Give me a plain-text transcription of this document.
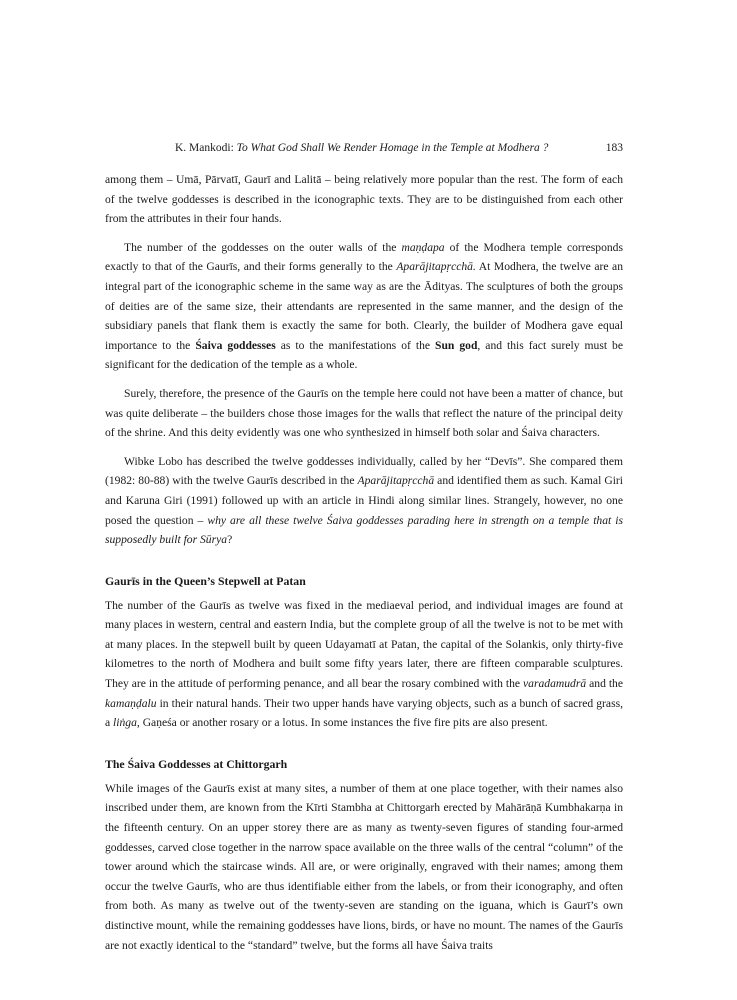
K. Mankodi: To What God Shall We Render Homage in the Temple at Modhera ?	183

among them – Umā, Pārvatī, Gaurī and Lalitā – being relatively more popular than the rest. The form of each of the twelve goddesses is described in the iconographic texts. They are to be distinguished from each other from the attributes in their four hands.

The number of the goddesses on the outer walls of the maṇḍapa of the Modhera temple corresponds exactly to that of the Gaurīs, and their forms generally to the Aparājitapṛcchā. At Modhera, the twelve are an integral part of the iconographic scheme in the same way as are the Ādityas. The sculptures of both the groups of deities are of the same size, their attendants are represented in the same manner, and the design of the subsidiary panels that flank them is exactly the same for both. Clearly, the builder of Modhera gave equal importance to the Śaiva goddesses as to the manifestations of the Sun god, and this fact surely must be significant for the dedication of the temple as a whole.

Surely, therefore, the presence of the Gaurīs on the temple here could not have been a matter of chance, but was quite deliberate – the builders chose those images for the walls that reflect the nature of the principal deity of the shrine. And this deity evidently was one who synthesized in himself both solar and Śaiva characters.

Wibke Lobo has described the twelve goddesses individually, called by her “Devīs”. She compared them (1982: 80-88) with the twelve Gaurīs described in the Aparājitapṛcchā and identified them as such. Kamal Giri and Karuna Giri (1991) followed up with an article in Hindi along similar lines. Strangely, however, no one posed the question – why are all these twelve Śaiva goddesses parading here in strength on a temple that is supposedly built for Sūrya?

Gaurīs in the Queen’s Stepwell at Patan

The number of the Gaurīs as twelve was fixed in the mediaeval period, and individual images are found at many places in western, central and eastern India, but the complete group of all the twelve is not to be met with at many places. In the stepwell built by queen Udayamatī at Patan, the capital of the Solankis, only thirty-five kilometres to the north of Modhera and built some fifty years later, there are fifteen comparable sculptures. They are in the attitude of performing penance, and all bear the rosary combined with the varadamudrā and the kamaṇḍalu in their natural hands. Their two upper hands have varying objects, such as a bunch of sacred grass, a liṅga, Gaṇeśa or another rosary or a lotus. In some instances the five fire pits are also present.

The Śaiva Goddesses at Chittorgarh

While images of the Gaurīs exist at many sites, a number of them at one place together, with their names also inscribed under them, are known from the Kīrti Stambha at Chittorgarh erected by Mahārāṇā Kumbhakarṇa in the fifteenth century. On an upper storey there are as many as twenty-seven figures of standing four-armed goddesses, carved close together in the narrow space available on the three walls of the central “column” of the tower around which the staircase winds. All are, or were originally, engraved with their names; among them occur the twelve Gaurīs, who are thus identifiable either from the labels, or from their iconography, and often from both. As many as twelve out of the twenty-seven are standing on the iguana, which is Gaurī’s own distinctive mount, while the remaining goddesses have lions, birds, or have no mount. The names of the Gaurīs are not exactly identical to the “standard” twelve, but the forms all have Śaiva traits
